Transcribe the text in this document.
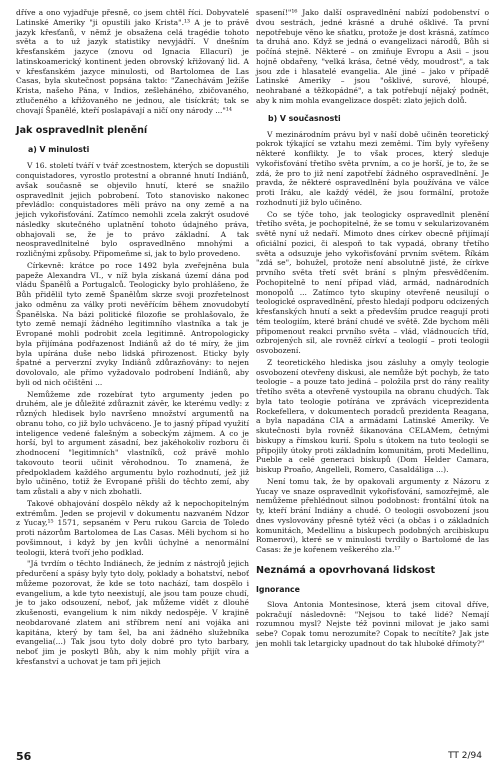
dříve a ono vyjadřuje přesně, co jsem chtěl říci. Dobyvatelé Latinské Ameriky "ji opustili jako Kristа".¹³ A je to právě jazyk křesťanů, v němž je obsažena celá tragédie tohoto světa a to už jazyk statistiky nevyjádří. V dnešním křesťanském jazyce (znovu od Ignacia Ellacurí) je latinskoamerický kontinent jeden obrovský křižovaný lid. A v křesťanském jazyce minulosti, od Bartolomea de Las Casas, byla skutečnost popsána takto: "Zanechávám Ježíše Krista, našeho Pána, v Indios, zešleháného, zbičovaného, ztlučeného a křižovaného ne jednou, ale tisíckrát; tak se chovají Španělé, kteří poslapávají a ničí ony národy ..."¹⁴

Jak ospravedlnit plenění
a) V minulosti

V 16. století tváří v tvář zcestnostem, kterých se dopustili conquistadores, vyrostlo protestní a obranné hnutí Indiánů, avšak současně se objevilo hnutí, které se snažilo ospravedlnit jejich pobrobení. Toto stanovisko nakonec převládlo: conquistadores měli právo na ony země a na jejich vykořisťování. Zatímco nemohli zcela zakrýt osudové následky skutečného uplatnění tohoto údajného práva, obhajovali se, že je to právo základní. A tak neospravedlnitelné bylo ospravedlněno mnohými a rozličnými způsoby. Připomeňme si, jak to bylo provedeno.

Církevně: krátce po roce 1492 byla zveřejněna bula papeže Alexandra VI., v níž byla získaná území dána pod vládu Španělů a Portugalců. Teologicky bylo prohlášeno, že Bůh přidělil tyto země Španělům skrze svoji prozřetelnost jako odměnu za války proti nevěřícím během znovudobytí Španělska. Na bázi politické filozofie se prohlašovalo, že tyto země nemají žádného legitimního vlastníka a tak je Evropané mohli podrobit zcela legitimně. Antropologicky byla přijímána podřazenost Indiánů až do té míry, že jim byla upírána duše nebo lidská přirozenost. Eticky byly špatné a perverzní zvyky Indiánů zdůrazňovány: to nejen dovolovalo, ale přímo vyžadovalo podrobení Indiánů, aby byli od nich očištěni ...

Nemůžeme zde rozebírat tyto argumenty jeden po druhém, ale je důležité zdůraznit závěr, ke kterému vedly: z různých hledisek bylo navršeno množství argumentů na obranu toho, co již bylo uchváceno. Je to jasný případ využití inteligence vedené falešným a sobeckým zájmem. A co je horší, byl to argument zásadní, bez jakéhokoliv rozboru či zhodnocení "legitimních" vlastníků, což právě mohlo takovouto teorii učinit věrohodnou. To znamená, že předpokladem každého argumentu bylo rozhodnutí, jež již bylo učiněno, totiž že Evropané přišli do těchto zemí, aby tam zůstali a aby v nich zbohatli.

Takové obhajování dospělo někdy až k nepochopitelným extrémům. Jeden se projevil v dokumentu nazvaném Ndzor z Yucay,¹⁵ 1571, sepsaném v Peru rukou Garcia de Toledo proti názorům Bartolomea de Las Casas. Měli bychom si ho povšimnout, i když by jen kvůli úchylné a nenormální teologii, která tvoří jeho podklad.

"Já tvrdím o těchto Indiánech, že jedním z nástrojů jejich předurčení a spásy byly tyto doly, poklady a bohatství, neboť můžeme pozorovat, že kde se toto nachází, tam dospělo i evangelium, a kde tyto neexistují, ale jsou tam pouze chudí, je to jako odsouzení, neboť, jak můžeme vidět z dlouhé zkušenosti, evangelium k nim nikdy nedospěje. V krajině neobdarované zlatem ani stříbrem není ani vojáka ani kapitána, který by tam šel, ba ani žádného služebníka evangelia(...) Tak jsou tyto doly dobré pro tyto barbary, neboť jim je poskytl Bůh, aby k nim mohly přijít víra a křesťanství a uchovat je tam při jejich

spasení!"¹⁶ Jako další ospravedlnění nabízí podobenství o dvou sestrách, jedné krásné a druhé ošklivé. Ta první nepotřebuje věno ke sňatku, protože je dost krásná, zatímco ta druhá ano. Když se jedná o evangelizaci národů, Bůh si počíná stejně. Některé – on zmiňuje Evropu a Asii – jsou hojně obdařeny, "velká krása, četné vědy, moudrost", a tak jsou zde i hlasatelé evangelia. Ale jiné – jako v případě Latinské Ameriky – jsou "ošklivé, surové, hloupé, neohrabané a těžkopádné", a tak potřebují nějaký podnět, aby k nim mohla evangelizace dospět: zlato jejich dolů.

b) V současnosti

V mezinárodním právu byl v naší době učiněn teoretický pokrok týkající se vztahu mezi zeměmi. Tím byly vyřešeny některé konflikty. Je to však proces, který sleduje vykořisťování třetího světa prvním, a co je horší, je to, že se zdá, že pro to již není zapotřebí žádného ospravedlnění. Je pravda, že některé ospravedlnění byla používána ve válce proti Iráku, ale každý védél, že jsou formální, protože rozhodnutí již bylo učiněno.

Co se týče toho, jak teologicky ospravedlnit plenění třetího světa, je pochopitelné, že se tomu v sekularizovaném světě nyní už nedaří. Mimoto dnes církev obecně přijímají oficiální pozici, či alespoň to tak vypadá, obrany třetího světa a odsuzuje jeho vykořisťování prvním světem. Říkám "zdá se", bohužel, protože není absolutně jisté, že církve prvního světa třetí svět brání s plným přesvědčením. Pochopitelně to není případ vlád, armád, nadnárodních monopolů ... Zatímco tyto skupiny otevřeně neusilují o teologické ospravedlnění, přesto hledají podporu odcizených křesťanských hnutí a sekt a především prudce reagují proti tém teologiím, které brání chudé ve světě. Zde bychom měli připomenout reakci prvního světa – vlád, vládnoucích tříd, ozbrojených sil, ale rovněž církví a teologií – proti teologii osvobození.

Z teoretického hlediska jsou zásluhy a omyly teologie osvobození otevřeny diskusi, ale nemůže být pochyb, že tato teologie – a pouze tato jediná – položila prst do rány reality třetího světa a otevřeně vystoupila na obranu chudých. Tak byla tato teologie potírána ve zprávách viceprezidenta Rockefellera, v dokumentech poradců prezidenta Reagana, a byla napadána CIA a armádami Latinské Ameriky. Ve skutečnosti byla rovněž šikanována CELAMem, četnými biskupy a římskou kurií. Spolu s útokem na tuto teologii se připojily útoky proti základním komunitám, proti Medellinu, Pueble a celé generaci biskupů (Dom Helder Camara, biskup Proaño, Angelleli, Romero, Casaldáliga ...).

Není tomu tak, že by opakovali argumenty z Názoru z Yucay ve snaze ospravedlnit vykořisťování, samozřejmě, ale nemůžeme přehlédnout silnou podobnost: frontální útok na ty, kteří brání Indiány a chudé. O teologii osvobození jsou dnes vyslovovány přesně tytéž věci (a občas i o základních komunitách, Medellinu a biskupech podobných arcibiskupu Romerovi), které se v minulosti tvrdily o Bartolomé de las Casas: že je kořenem veškerého zla.¹⁷

Neznámá a opovrhovaná lidskost
Ignorance

Slova Antonia Montesinose, která jsem citoval dříve, pokračují následovně: "Nejsou to také lidé? Nemají rozumnou mysl? Nejste též povinni milovat je jako sami sebe? Copak tomu nerozumíte? Copak to necítíte? Jak jste jen mohli tak letargicky upadnout do tak hluboké dřímoty?"

56	TT 2/94
